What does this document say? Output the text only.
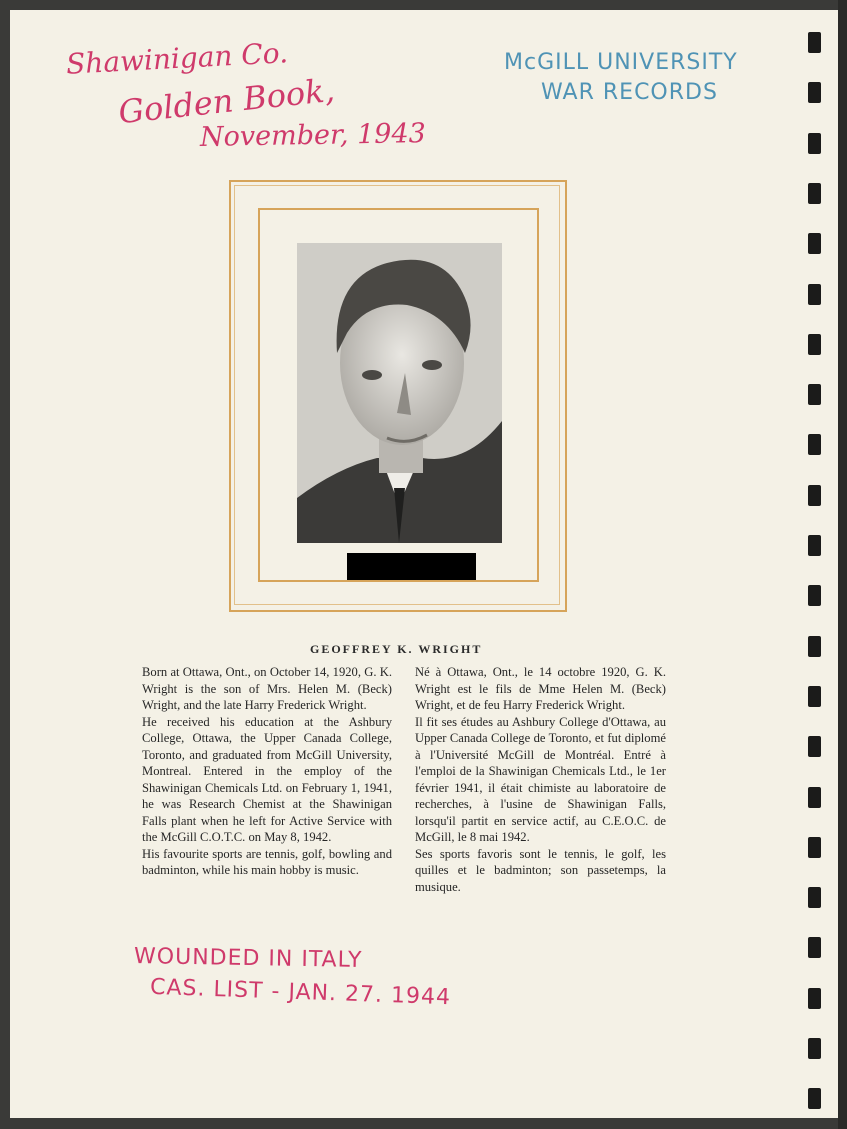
Shawinigan Co.
Golden Book,
November, 1943
McGILL UNIVERSITY
WAR RECORDS
GEOFFREY K. WRIGHT

Born at Ottawa, Ont., on October 14, 1920, G. K. Wright is the son of Mrs. Helen M. (Beck) Wright, and the late Harry Frederick Wright.

He received his education at the Ashbury College, Ottawa, the Upper Canada College, Toronto, and graduated from McGill University, Montreal. Entered in the employ of the Shawinigan Chemicals Ltd. on February 1, 1941, he was Research Chemist at the Shawinigan Falls plant when he left for Active Service with the McGill C.O.T.C. on May 8, 1942.

His favourite sports are tennis, golf, bowling and badminton, while his main hobby is music.

Né à Ottawa, Ont., le 14 octobre 1920, G. K. Wright est le fils de Mme Helen M. (Beck) Wright, et de feu Harry Frederick Wright.

Il fit ses études au Ashbury College d'Ottawa, au Upper Canada College de Toronto, et fut diplomé à l'Université McGill de Montréal. Entré à l'emploi de la Shawinigan Chemicals Ltd., le 1er février 1941, il était chimiste au laboratoire de recherches, à l'usine de Shawinigan Falls, lorsqu'il partit en service actif, au C.E.O.C. de McGill, le 8 mai 1942.

Ses sports favoris sont le tennis, le golf, les quilles et le badminton; son passetemps, la musique.

WOUNDED IN ITALY
CAS. LIST - JAN. 27. 1944
